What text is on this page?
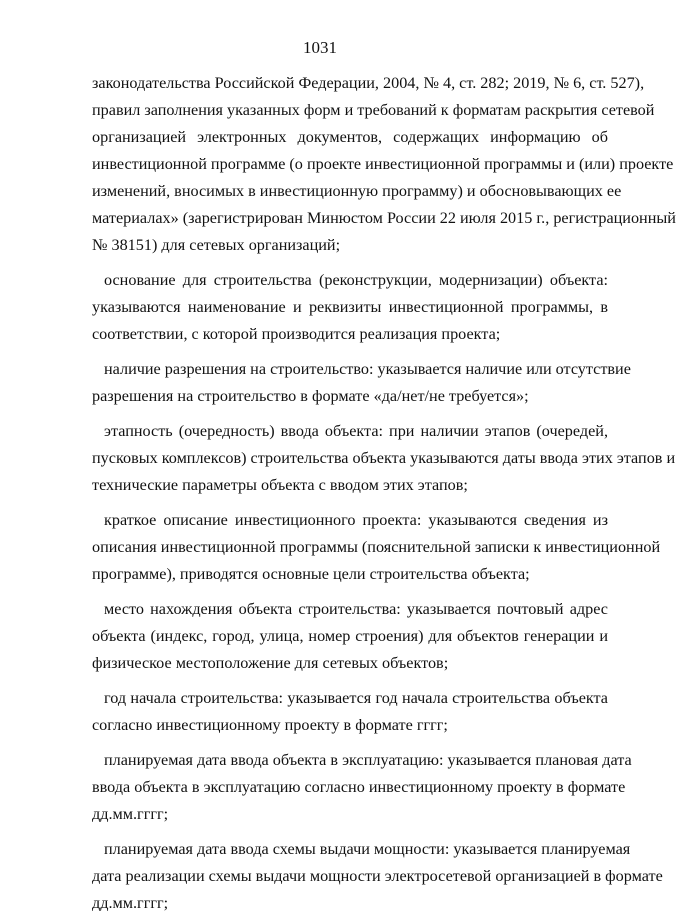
1031
законодательства Российской Федерации, 2004, № 4, ст. 282; 2019, № 6, ст. 527),
правил заполнения указанных форм и требований к форматам раскрытия сетевой
организацией электронных документов, содержащих информацию об
инвестиционной программе (о проекте инвестиционной программы и (или) проекте
изменений, вносимых в инвестиционную программу) и обосновывающих ее
материалах» (зарегистрирован Минюстом России 22 июля 2015 г., регистрационный
№ 38151) для сетевых организаций;
основание для строительства (реконструкции, модернизации) объекта:
указываются наименование и реквизиты инвестиционной программы, в
соответствии, с которой производится реализация проекта;
наличие разрешения на строительство: указывается наличие или отсутствие
разрешения на строительство в формате «да/нет/не требуется»;
этапность (очередность) ввода объекта: при наличии этапов (очередей,
пусковых комплексов) строительства объекта указываются даты ввода этих этапов и
технические параметры объекта с вводом этих этапов;
краткое описание инвестиционного проекта: указываются сведения из
описания инвестиционной программы (пояснительной записки к инвестиционной
программе), приводятся основные цели строительства объекта;
место нахождения объекта строительства: указывается почтовый адрес
объекта (индекс, город, улица, номер строения) для объектов генерации и
физическое местоположение для сетевых объектов;
год начала строительства: указывается год начала строительства объекта
согласно инвестиционному проекту в формате гггг;
планируемая дата ввода объекта в эксплуатацию: указывается плановая дата
ввода объекта в эксплуатацию согласно инвестиционному проекту в формате
дд.мм.гггг;
планируемая дата ввода схемы выдачи мощности: указывается планируемая
дата реализации схемы выдачи мощности электросетевой организацией в формате
дд.мм.гггг;
